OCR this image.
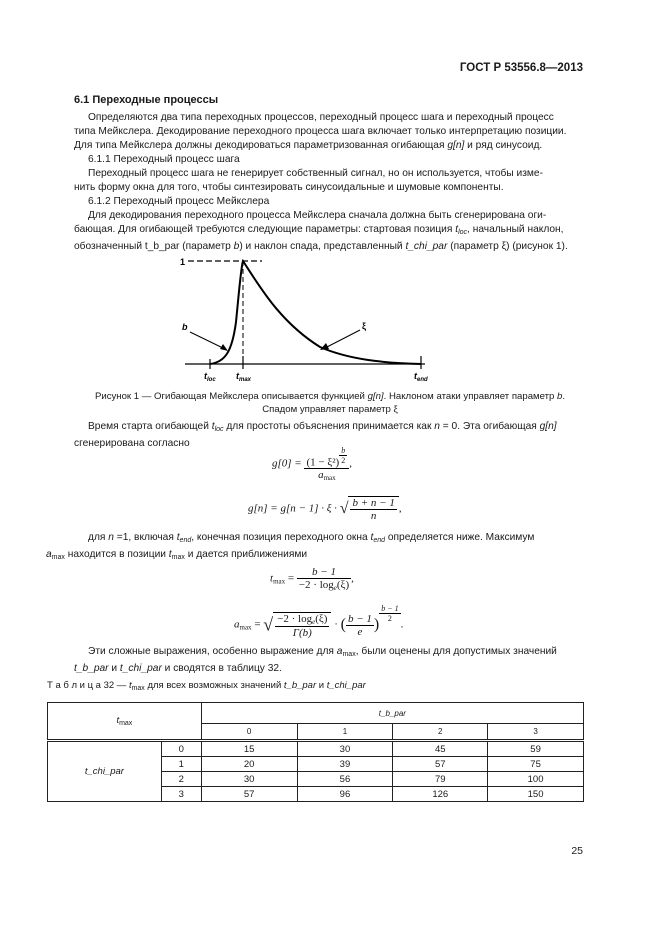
ГОСТ Р 53556.8—2013
6.1 Переходные процессы
Определяются два типа переходных процессов, переходный процесс шага и переходный процесс
типа Мейкслера. Декодирование переходного процесса шага включает только интерпретацию позиции.
Для типа Мейкслера должны декодироваться параметризованная огибающая g[n] и ряд синусоид.
6.1.1 Переходный процесс шага
Переходный процесс шага не генерирует собственный сигнал, но он используется, чтобы изме-
нить форму окна для того, чтобы синтезировать синусоидальные и шумовые компоненты.
6.1.2 Переходный процесс Мейкслера
Для декодирования переходного процесса Мейкслера сначала должна быть сгенерирована оги-
бающая. Для огибающей требуются следующие параметры: стартовая позиция $t_{loc}$, начальный наклон,
обозначенный t_b_par (параметр b) и наклон спада, представленный t_chi_par (параметр ξ) (рисунок 1).
1
b	ξ
$t_{loc}$ $t_{max}$	$t_{end}$
Рисунок 1 — Огибающая Мейкслера описывается функцией g[n]. Наклоном атаки управляет параметр b.
Спадом управляет параметр ξ
Время старта огибающей $t_{loc}$ для простоты объяснения принимается как n = 0. Эта огибающая g[n]
сгенерирована согласно
g[0] = (1 − ξ²) $^{\frac{b}{2}}$
$a_{max}$ ,
g[n] = g[n − 1] · ξ · √ $\frac{b + n - 1}{n}$ ,
для n =1, включая $t_{end}$, конечная позиция переходного окна $t_{end}$ определяется ниже. Максимум
$a_{max}$ находится в позиции $t_{max}$ и дается приближениями
$t_{max} = \frac{b - 1}{-2 \cdot \log_e(\xi)}$ ,
$a_{max}$ = √ $\frac{-2 \cdot \log_e(\xi)}{\Gamma(b)}$ · ( $\frac{b - 1}{e}$ )
$^{\frac{b - 1}{2}}$
.
Эти сложные выражения, особенно выражение для $a_{max}$, были оценены для допустимых значений
t_b_par и t_chi_par и сводятся в таблицу 32.
Т а б л и ц а 32 — $t_{max}$ для всех возможных значений t_b_par и t_chi_par
$t_{max}$		t_b_par			
		0	1	2	3
t_chi_par	0	15	30	45	59
	1	20	39	57	75
	2	30	56	79	100
	3	57	96	126	150
25
